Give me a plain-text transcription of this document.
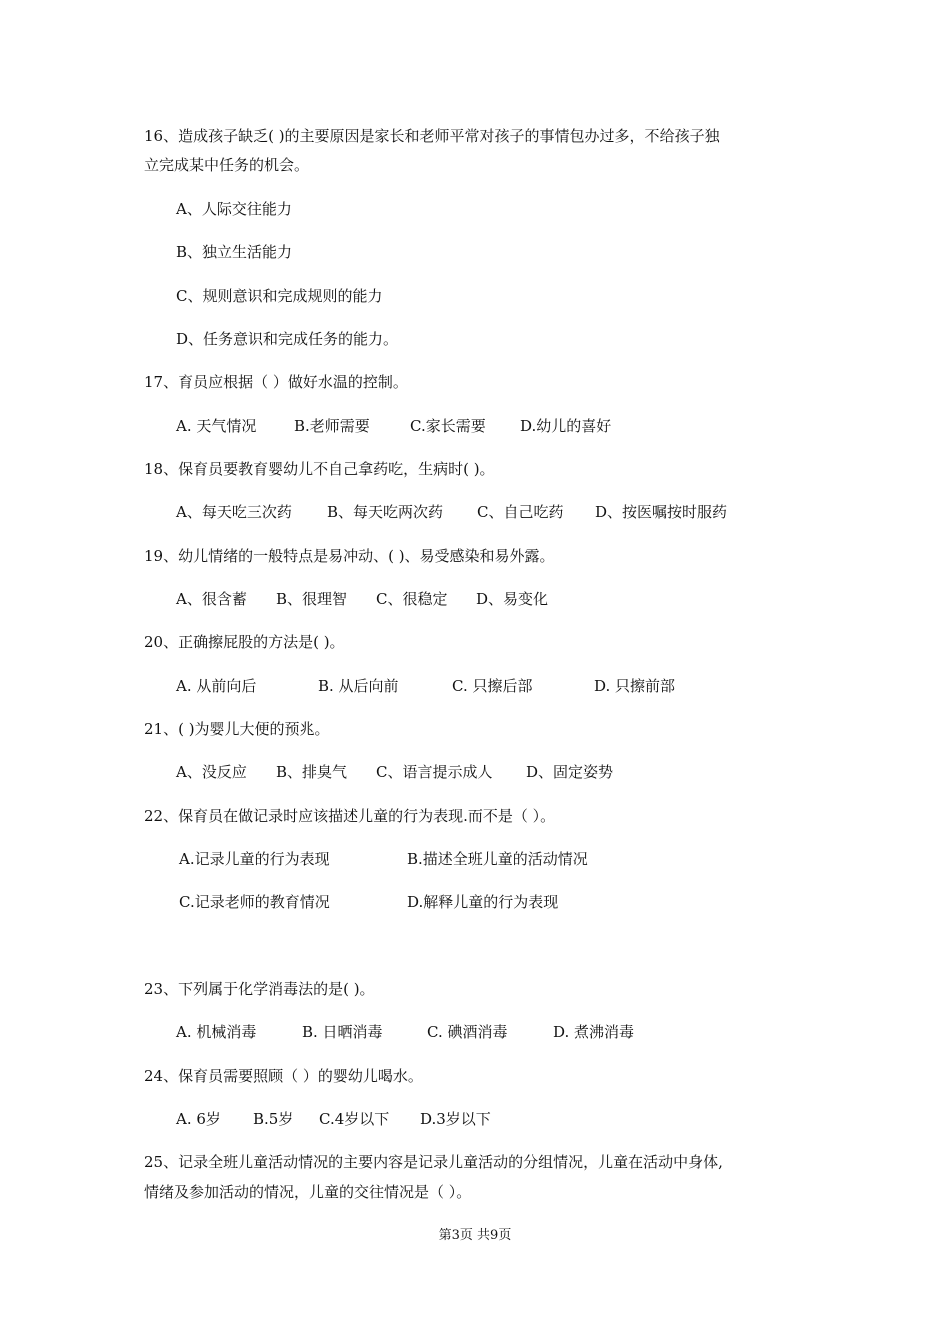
16、造成孩子缺乏( )的主要原因是家长和老师平常对孩子的事情包办过多，不给孩子独
立完成某中任务的机会。
A、人际交往能力
B、独立生活能力
C、规则意识和完成规则的能力
D、任务意识和完成任务的能力。
17、育员应根据（ ）做好水温的控制。
A. 天气情况	B.老师需要	C.家长需要 D.幼儿的喜好
18、保育员要教育婴幼儿不自己拿药吃，生病时( )。
A、每天吃三次药 B、每天吃两次药 C、自己吃药 D、按医嘱按时服药
19、幼儿情绪的一般特点是易冲动、( )、易受感染和易外露。
A、很含蓄 B、很理智 C、很稳定 D、易变化
20、正确擦屁股的方法是( )。
A. 从前向后	B. 从后向前	C. 只擦后部	D. 只擦前部
21、( )为婴儿大便的预兆。
A、没反应 B、排臭气 C、语言提示成人 D、固定姿势
22、保育员在做记录时应该描述儿童的行为表现.而不是（ ）。
A.记录儿童的行为表现	B.描述全班儿童的活动情况
C.记录老师的教育情况	D.解释儿童的行为表现
23、下列属于化学消毒法的是( )。
A. 机械消毒	B. 日晒消毒	C. 碘酒消毒	D. 煮沸消毒
24、保育员需要照顾（ ）的婴幼儿喝水。
A. 6岁 B.5岁 C.4岁以下 D.3岁以下
25、记录全班儿童活动情况的主要内容是记录儿童活动的分组情况，儿童在活动中身体,
情绪及参加活动的情况，儿童的交往情况是（ ）。
第3页 共9页
